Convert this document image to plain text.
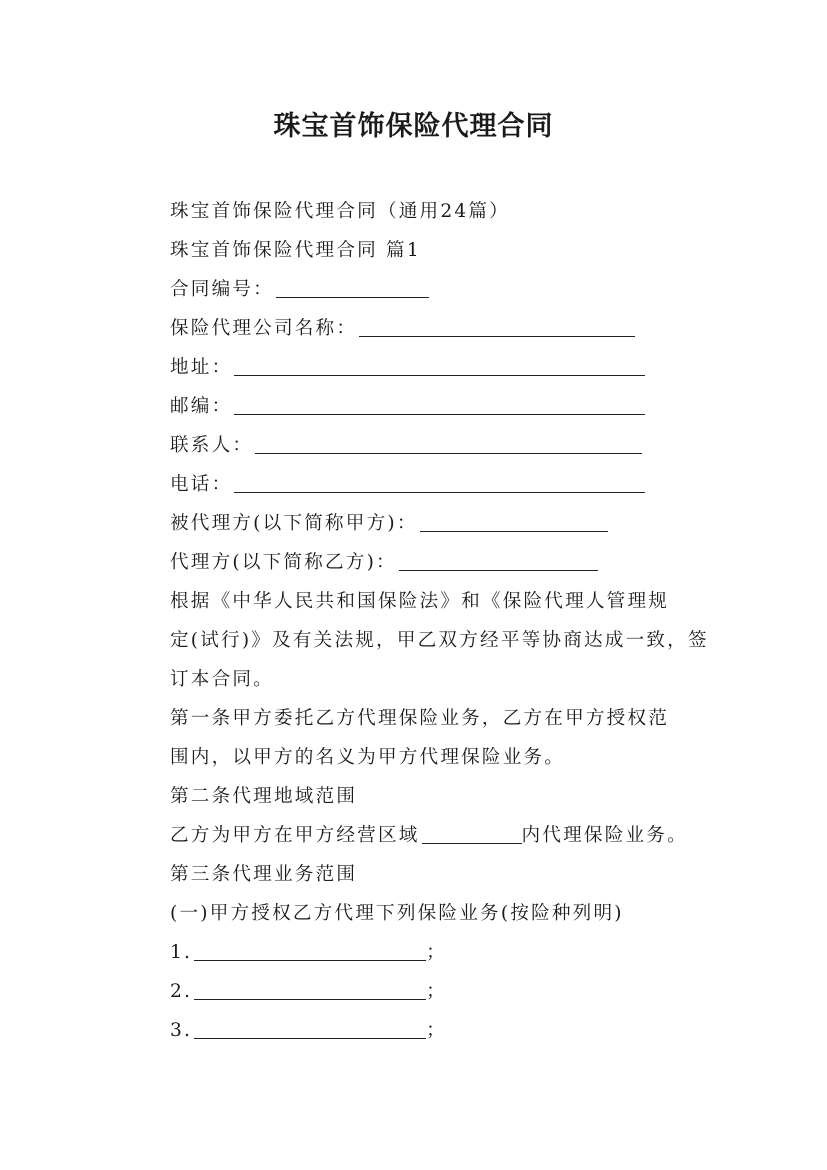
珠宝首饰保险代理合同
珠宝首饰保险代理合同（通用24篇）
珠宝首饰保险代理合同 篇1
合同编号：
保险代理公司名称：
地址：
邮编：
联系人：
电话：
被代理方(以下简称甲方)：
代理方(以下简称乙方)：
根据《中华人民共和国保险法》和《保险代理人管理规
定(试行)》及有关法规，甲乙双方经平等协商达成一致，签
订本合同。
第一条甲方委托乙方代理保险业务，乙方在甲方授权范
围内，以甲方的名义为甲方代理保险业务。
第二条代理地域范围
乙方为甲方在甲方经营区域	内代理保险业务。
第三条代理业务范围
(一)甲方授权乙方代理下列保险业务(按险种列明)
1.	；
2.	；
3.	；
